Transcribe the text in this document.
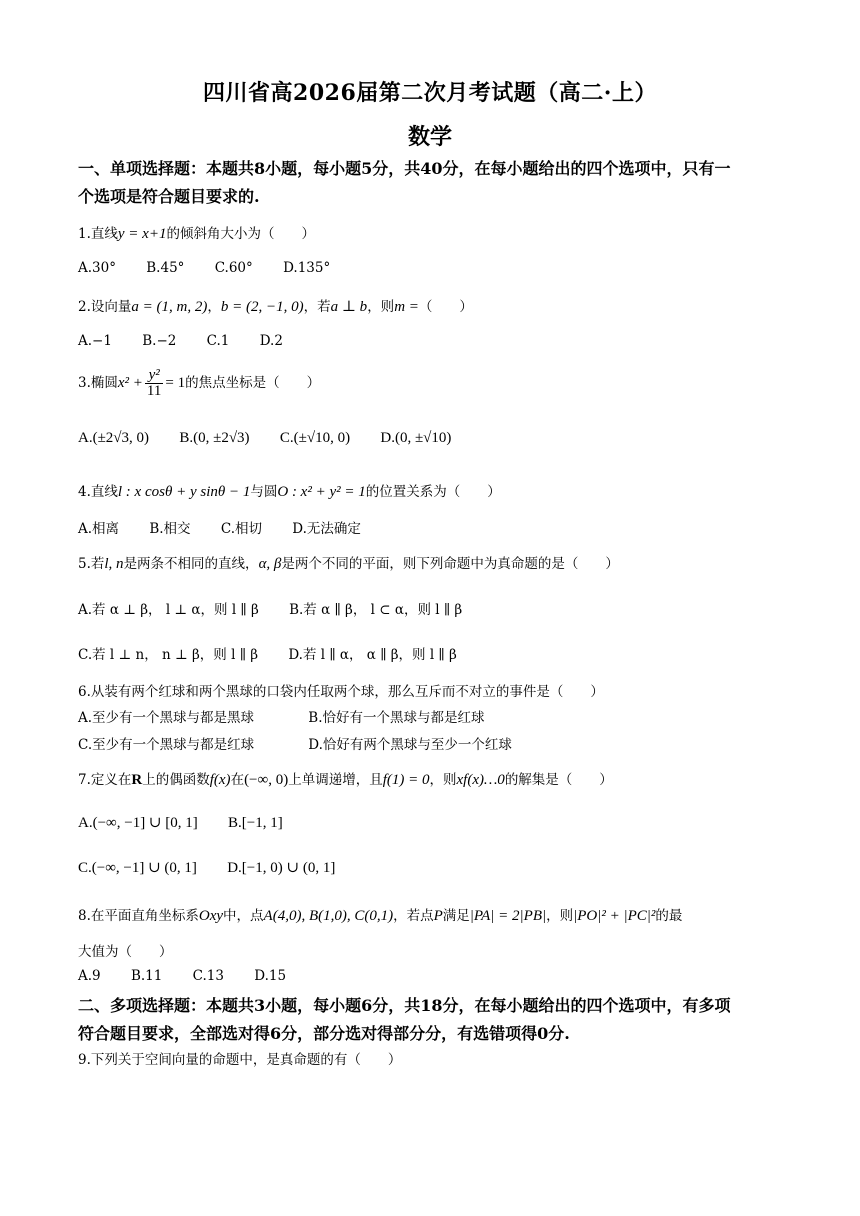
四川省高2026届第二次月考试题（高二·上）
数学
一、单项选择题：本题共8小题，每小题5分，共40分，在每小题给出的四个选项中，只有一
个选项是符合题目要求的.
1.直线y = x+1的倾斜角大小为（　　）
A.30° B.45° C.60° D.135°
2.设向量a = (1, m, 2)，b = (2, −1, 0)，若a ⊥ b，则m =（　　）
A.−1 B.−2 C.1 D.2
3.椭圆$x^2 + \frac{\text{y²}}{11} = 1$的焦点坐标是（　　）
A.(±2√3, 0) B.(0, ±2√3) C.(±√10, 0) D.(0, ±√10)
4.直线l : x cosθ + y sinθ − 1与圆O : x² + y² = 1的位置关系为（　　）
A.相离 B.相交 C.相切 D.无法确定
5.若l, n是两条不相同的直线，α, β是两个不同的平面，则下列命题中为真命题的是（　　）
A.若 α ⊥ β， l ⊥ α，则 l ∥ β B.若 α ∥ β， l ⊂ α，则 l ∥ β
C.若 l ⊥ n， n ⊥ β，则 l ∥ β D.若 l ∥ α， α ∥ β，则 l ∥ β
6.从装有两个红球和两个黑球的口袋内任取两个球，那么互斥而不对立的事件是（　　）
A.至少有一个黑球与都是黑球	B.恰好有一个黑球与都是红球
C.至少有一个黑球与都是红球	D.恰好有两个黑球与至少一个红球
7.定义在R上的偶函数f(x)在(−∞, 0)上单调递增，且f(1) = 0，则xf(x)…0的解集是（　　）
A.(−∞, −1] ∪ [0, 1] B.[−1, 1]
C.(−∞, −1] ∪ (0, 1] D.[−1, 0) ∪ (0, 1]
8.在平面直角坐标系Oxy中，点A(4,0), B(1,0), C(0,1)，若点P满足|PA| = 2|PB|，则|PO|² + |PC|²的最
大值为（　　）
A.9 B.11 C.13 D.15
二、多项选择题：本题共3小题，每小题6分，共18分，在每小题给出的四个选项中，有多项
符合题目要求，全部选对得6分，部分选对得部分分，有选错项得0分.
9.下列关于空间向量的命题中，是真命题的有（　　）
